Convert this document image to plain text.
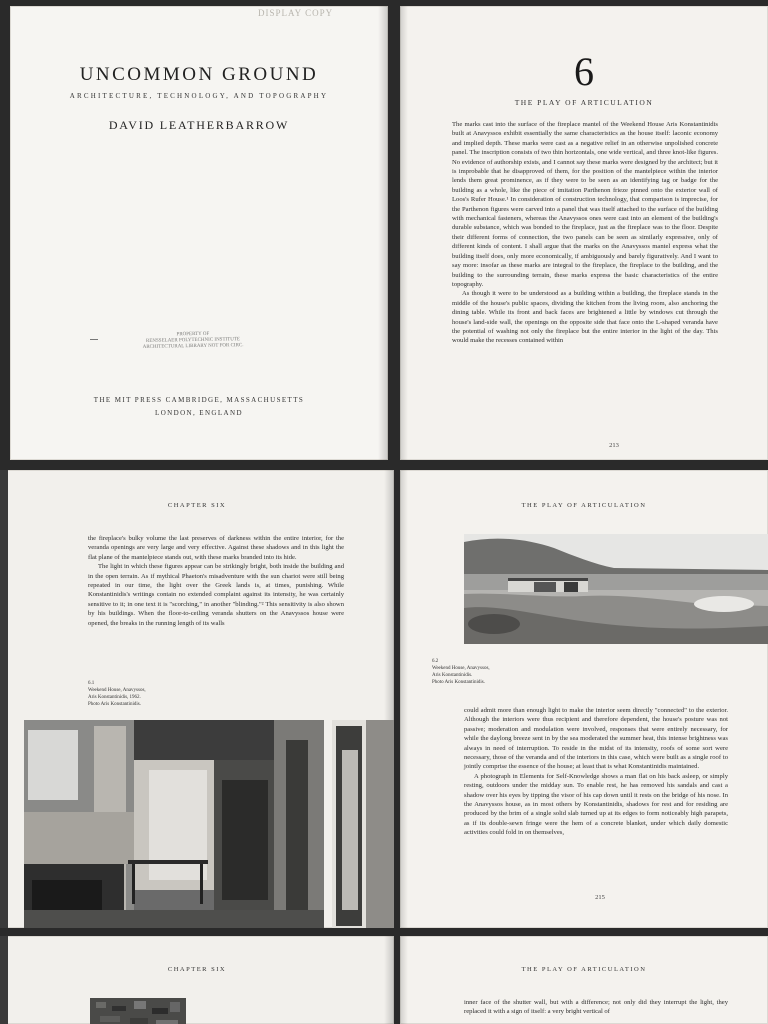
DISPLAY COPY
UNCOMMON GROUND
ARCHITECTURE, TECHNOLOGY, AND TOPOGRAPHY
DAVID LEATHERBARROW
PROPERTY OF
RENSSELAER POLYTECHNIC INSTITUTE
ARCHITECTURAL LIBRARY NOT FOR CIRC.
THE MIT PRESS CAMBRIDGE, MASSACHUSETTS
LONDON, ENGLAND
6
THE PLAY OF ARTICULATION

The marks cast into the surface of the fireplace mantel of the Weekend House Aris Konstantinidis built at Anavyssos exhibit essentially the same characteristics as the house itself: laconic economy and implied depth. These marks were cast as a negative relief in an otherwise unpolished concrete panel. The inscription consists of two thin horizontals, one wide vertical, and three knot-like figures. No evidence of authorship exists, and I cannot say these marks were designed by the architect; but it is improbable that he disapproved of them, for the position of the mantelpiece within the interior lends them great prominence, as if they were to be seen as an identifying tag or badge for the building as a whole, like the piece of imitation Parthenon frieze pinned onto the exterior wall of Loos's Rufer House.¹ In consideration of construction technology, that comparison is imprecise, for the Parthenon figures were carved into a panel that was itself attached to the surface of the building with mechanical fasteners, whereas the Anavyssos ones were cast into an element of the building's durable substance, which was bonded to the fireplace, just as the fireplace was to the floor. Despite their different forms of connection, the two panels can be seen as similarly expressive, only of different kinds of content. I shall argue that the marks on the Anavyssos mantel express what the building itself does, only more economically, if ambiguously and barely figuratively. And I want to say more: insofar as these marks are integral to the fireplace, the fireplace to the building, and the building to the surrounding terrain, these marks express the basic characteristics of the entire topography.

As though it were to be understood as a building within a building, the fireplace stands in the middle of the house's public spaces, dividing the kitchen from the living room, also anchoring the dining table. While its front and back faces are brightened a little by windows cut through the house's land-side wall, the openings on the opposite side that face onto the L-shaped veranda have the potential of washing not only the fireplace but the entire interior in the light of the day. This would make the recesses contained within

213
CHAPTER SIX

the fireplace's bulky volume the last preserves of darkness within the entire interior, for the veranda openings are very large and very effective. Against these shadows and in this light the flat plane of the mantelpiece stands out, with these marks branded into its hide.

The light in which these figures appear can be strikingly bright, both inside the building and in the open terrain. As if mythical Phaeton's misadventure with the sun chariot were still being repeated in our time, the light over the Greek lands is, at times, punishing. While Konstantinidis's writings contain no extended complaint against its intensity, he was certainly sensitive to it; in one text it is "scorching," in another "blinding."² This sensitivity is also shown by his buildings. When the floor-to-ceiling veranda shutters on the Anavyssos house were opened, the breaks in the running length of its walls

6.1
Weekend House, Anavyssos,
Aris Konstantinidis, 1962.
Photo Aris Konstantinidis.
THE PLAY OF ARTICULATION
6.2
Weekend House, Anavyssos,
Aris Konstantinidis.
Photo Aris Konstantinidis.

could admit more than enough light to make the interior seem directly "connected" to the exterior. Although the interiors were thus recipient and therefore dependent, the house's posture was not passive; moderation and modulation were involved, responses that were entirely necessary, for while the daylong breeze sent in by the sea moderated the summer heat, this intense brightness was always in need of interruption. To reside in the midst of its intensity, roofs of some sort were necessary, those of the veranda and of the interiors in this case, which were built as a single roof to jointly comprise the essence of the house; at least that is what Konstantinidis maintained.

A photograph in Elements for Self-Knowledge shows a man flat on his back asleep, or simply resting, outdoors under the midday sun. To enable rest, he has removed his sandals and cast a shadow over his eyes by tipping the visor of his cap down until it rests on the bridge of his nose. In the Anavyssos house, as in most others by Konstantinidis, shadows for rest and for residing are produced by the brim of a single solid slab turned up at its edges to form noticeably high parapets, as if its double-sewn fringe were the hem of a concrete blanket, under which daily domestic activities could fold in on themselves,

215
CHAPTER SIX	THE PLAY OF ARTICULATION

inner face of the shutter wall, but with a difference; not only did they interrupt the light, they replaced it with a sign of itself: a very bright vertical of
